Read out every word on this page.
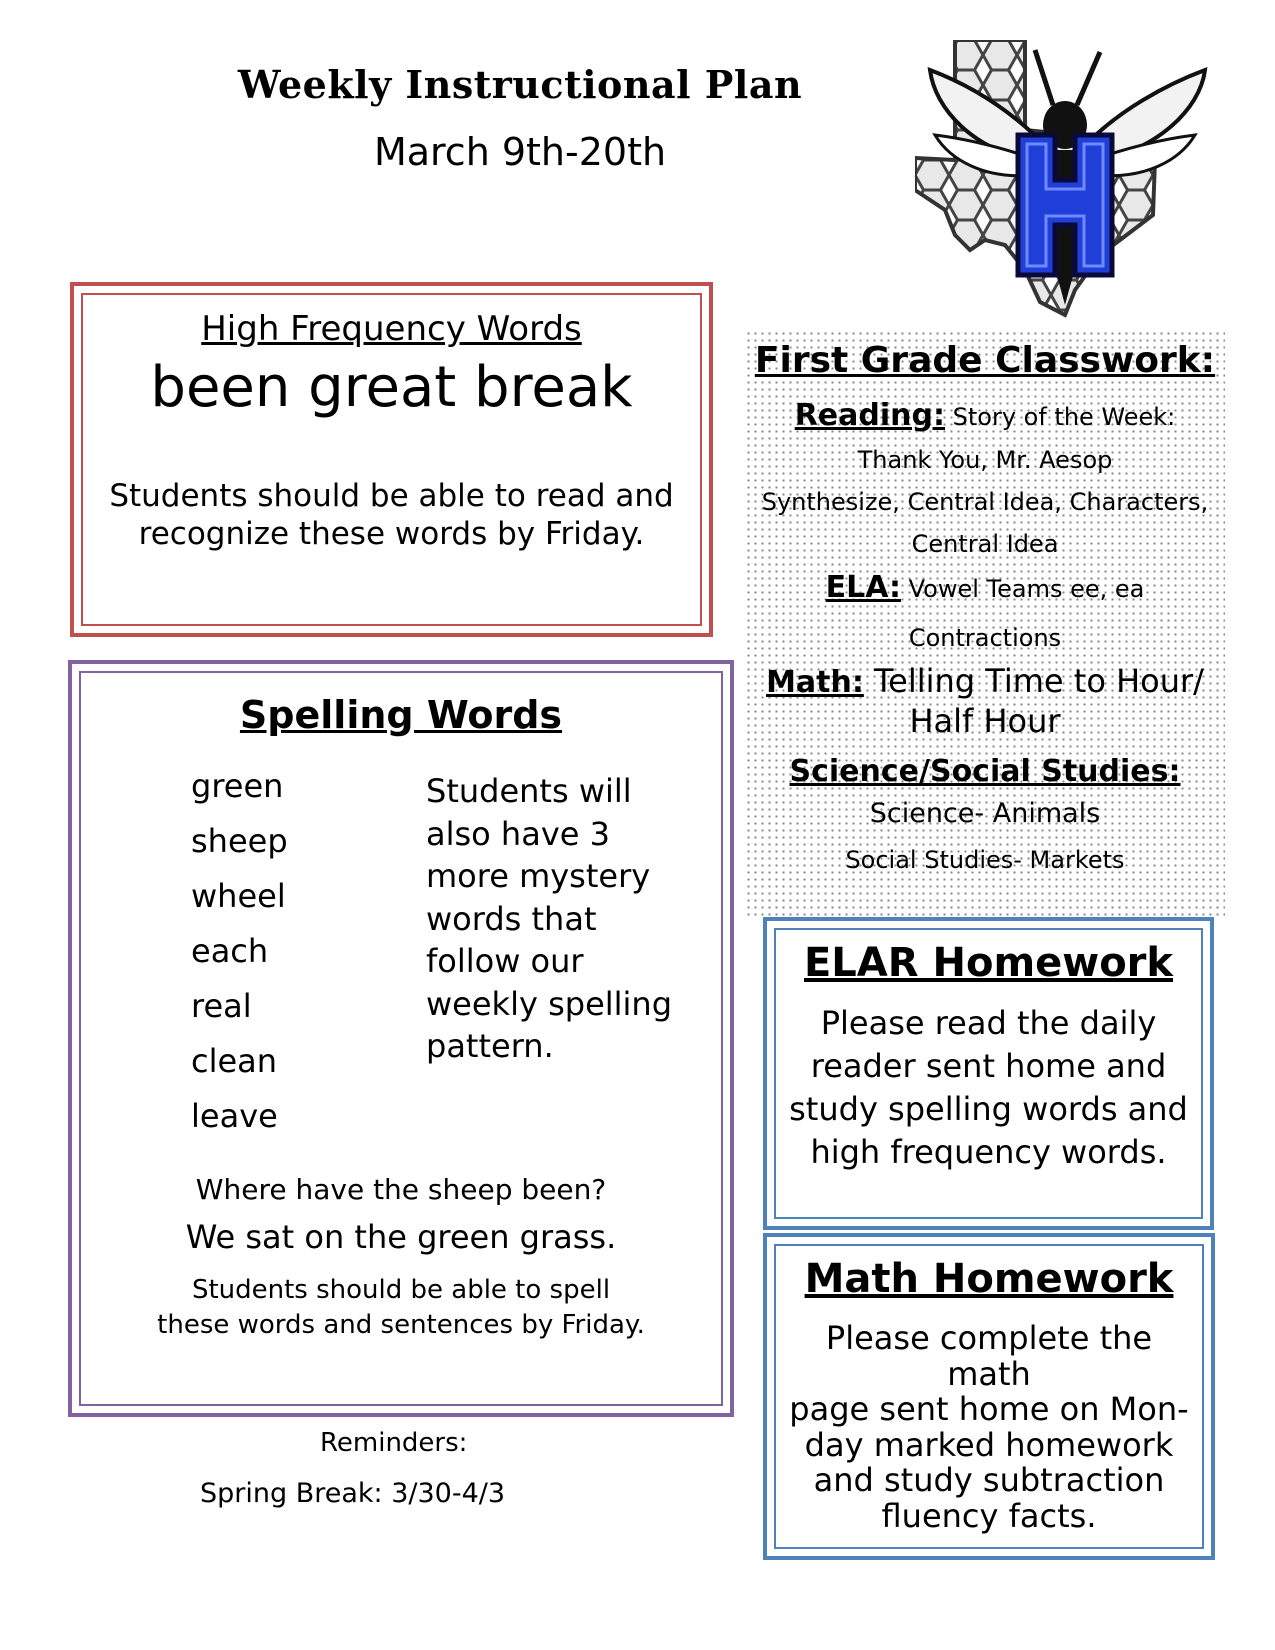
Weekly Instructional Plan
March 9th-20th
High Frequency Words
been great break
Students should be able to read and
recognize these words by Friday.
Spelling Words
green
sheep
wheel
each
real
clean
leave
Students will
also have 3
more mystery
words that
follow our
weekly spelling
pattern.
Where have the sheep been?
We sat on the green grass.
Students should be able to spell
these words and sentences by Friday.
Reminders:
Spring Break: 3/30-4/3
First Grade Classwork:
Reading: Story of the Week:
Thank You, Mr. Aesop
Synthesize, Central Idea, Characters,
Central Idea
ELA: Vowel Teams ee, ea
Contractions
Math: Telling Time to Hour/
Half Hour
Science/Social Studies:
Science- Animals
Social Studies- Markets
ELAR Homework
Please read the daily
reader sent home and
study spelling words and
high frequency words.
Math Homework
Please complete the math
page sent home on Mon-
day marked homework
and study subtraction
fluency facts.
